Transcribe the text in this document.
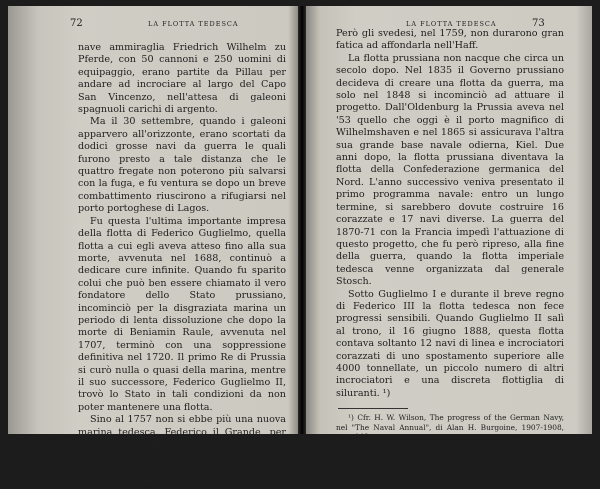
72	LA FLOTTA TEDESCA

nave ammiraglia Friedrich Wilhelm zu Pferde, con 50 cannoni e 250 uomini di equipaggio, erano partite da Pillau per andare ad incrociare al largo del Capo San Vincenzo, nell'attesa di galeoni spagnuoli carichi di argento.

Ma il 30 settembre, quando i galeoni apparvero all'orizzonte, erano scortati da dodici grosse navi da guerra le quali furono presto a tale distanza che le quattro fregate non poterono più salvarsi con la fuga, e fu ventura se dopo un breve combattimento riuscirono a rifugiarsi nel porto portoghese di Lagos.

Fu questa l'ultima importante impresa della flotta di Federico Guglielmo, quella flotta a cui egli aveva atteso fino alla sua morte, avvenuta nel 1688, continuò a dedicare cure infinite. Quando fu sparito colui che può ben essere chiamato il vero fondatore dello Stato prussiano, incominciò per la disgraziata marina un periodo di lenta dissoluzione che dopo la morte di Beniamin Raule, avvenuta nel 1707, terminò con una soppressione definitiva nel 1720. Il primo Re di Prussia si curò nulla o quasi della marina, mentre il suo successore, Federico Guglielmo II, trovò lo Stato in tali condizioni da non poter mantenere una flotta.

Sino al 1757 non si ebbe più una nuova marina tedesca. Federico il Grande, per proteggere dagli svedesi le foci dell'Oder, fece armare una squadra di quattro galee e di otto navi da pesca, quattro grandi e quattro piccole.

LA FLOTTA TEDESCA	73

Però gli svedesi, nel 1759, non durarono gran fatica ad affondarla nell'Haff.

La flotta prussiana non nacque che circa un secolo dopo. Nel 1835 il Governo prussiano decideva di creare una flotta da guerra, ma solo nel 1848 si incominciò ad attuare il progetto. Dall'Oldenburg la Prussia aveva nel '53 quello che oggi è il porto magnifico di Wilhelmshaven e nel 1865 si assicurava l'altra sua grande base navale odierna, Kiel. Due anni dopo, la flotta prussiana diventava la flotta della Confederazione germanica del Nord. L'anno successivo veniva presentato il primo programma navale: entro un lungo termine, si sarebbero dovute costruire 16 corazzate e 17 navi diverse. La guerra del 1870-71 con la Francia impedì l'attuazione di questo progetto, che fu però ripreso, alla fine della guerra, quando la flotta imperiale tedesca venne organizzata dal generale Stosch.

Sotto Guglielmo I e durante il breve regno di Federico III la flotta tedesca non fece progressi sensibili. Quando Guglielmo II salì al trono, il 16 giugno 1888, questa flotta contava soltanto 12 navi di linea e incrociatori corazzati di uno spostamento superiore alle 4000 tonnellate, un piccolo numero di altri incrociatori e una discreta flottiglia di siluranti. ¹)

¹) Cfr. H. W. Wilson, The progress of the German Navy, nel "The Naval Annual", di Alan H. Burgoine, 1907-1908, pag. 140.
